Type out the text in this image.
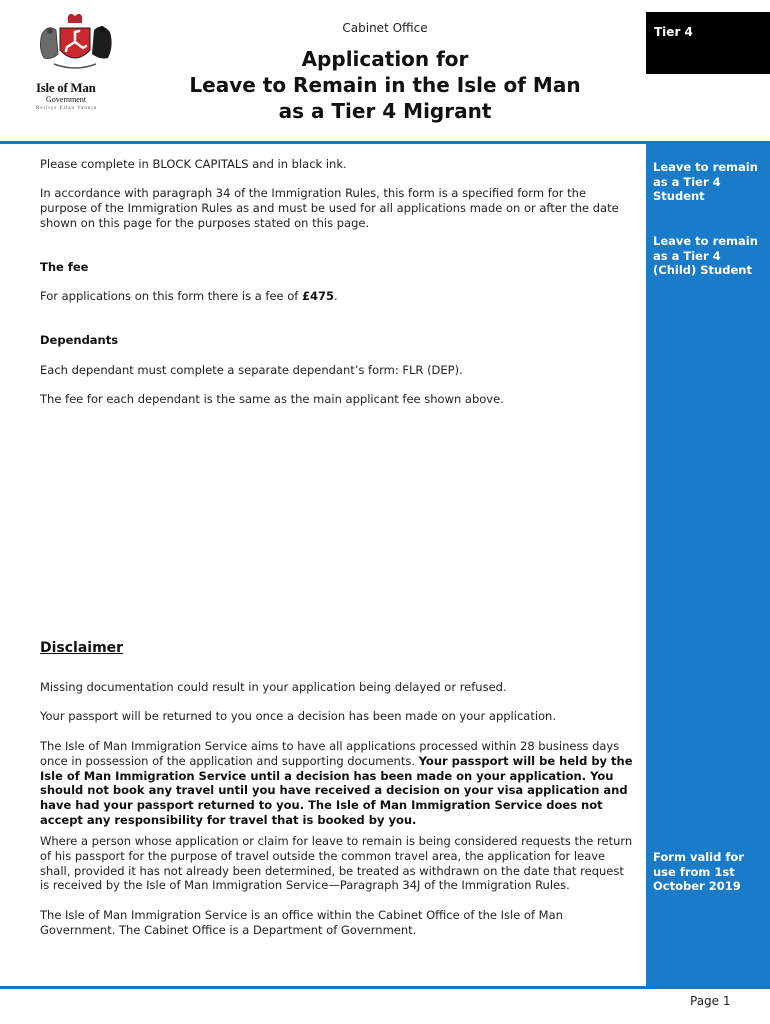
Isle of Man
Government
Reiltys Ellan Vannin
Cabinet Office
Application for
Leave to Remain in the Isle of Man
as a Tier 4 Migrant
Tier 4
Leave to remain as a Tier 4 Student
Leave to remain as a Tier 4 (Child) Student
Form valid for use from 1st October 2019
Please complete in BLOCK CAPITALS and in black ink.
In accordance with paragraph 34 of the Immigration Rules, this form is a specified form for the purpose of the Immigration Rules as and must be used for all applications made on or after the date shown on this page for the purposes stated on this page.
The fee
For applications on this form there is a fee of £475.
Dependants
Each dependant must complete a separate dependant’s form: FLR (DEP).
The fee for each dependant is the same as the main applicant fee shown above.
Disclaimer
Missing documentation could result in your application being delayed or refused.
Your passport will be returned to you once a decision has been made on your application.
The Isle of Man Immigration Service aims to have all applications processed within 28 business days once in possession of the application and supporting documents. Your passport will be held by the Isle of Man Immigration Service until a decision has been made on your application. You should not book any travel until you have received a decision on your visa application and have had your passport returned to you. The Isle of Man Immigration Service does not accept any responsibility for travel that is booked by you.
Where a person whose application or claim for leave to remain is being considered requests the return of his passport for the purpose of travel outside the common travel area, the application for leave shall, provided it has not already been determined, be treated as withdrawn on the date that request is received by the Isle of Man Immigration Service—Paragraph 34J of the Immigration Rules.
The Isle of Man Immigration Service is an office within the Cabinet Office of the Isle of Man Government. The Cabinet Office is a Department of Government.
Page 1
